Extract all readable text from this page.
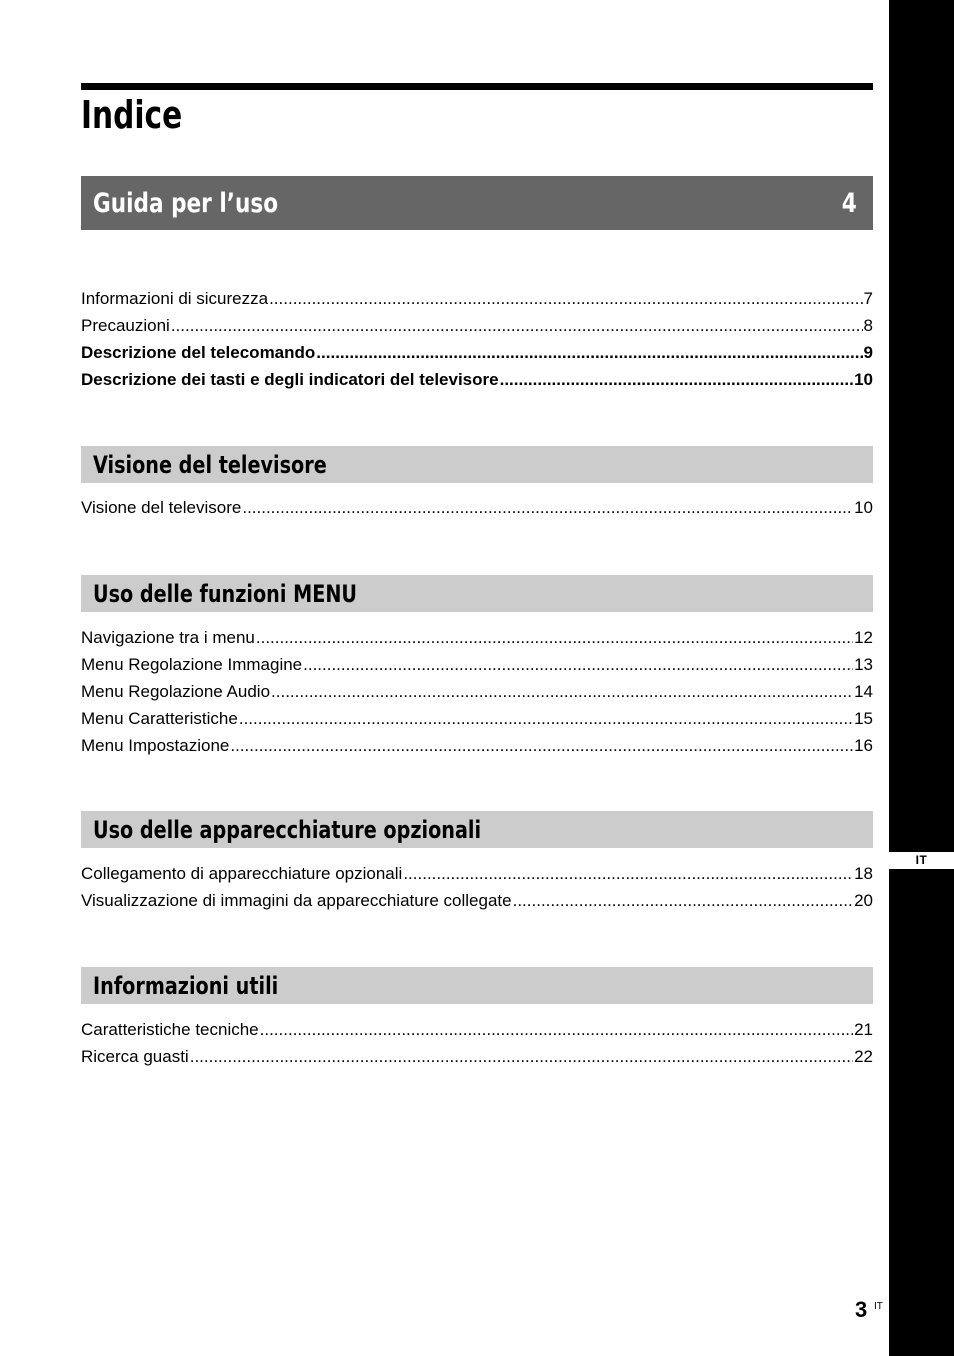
IT
Indice
Guida per l’uso	4
Informazioni di sicurezza .....	7
Precauzioni .....	8
Descrizione del telecomando .....	9
Descrizione dei tasti e degli indicatori del televisore .....	10
Visione del televisore
Visione del televisore .....	10
Uso delle funzioni MENU
Navigazione tra i menu .....	12
Menu Regolazione Immagine .....	13
Menu Regolazione Audio .....	14
Menu Caratteristiche .....	15
Menu Impostazione .....	16
Uso delle apparecchiature opzionali
Collegamento di apparecchiature opzionali .....	18
Visualizzazione di immagini da apparecchiature collegate .....	20
Informazioni utili
Caratteristiche tecniche .....	21
Ricerca guasti .....	22
3 IT
